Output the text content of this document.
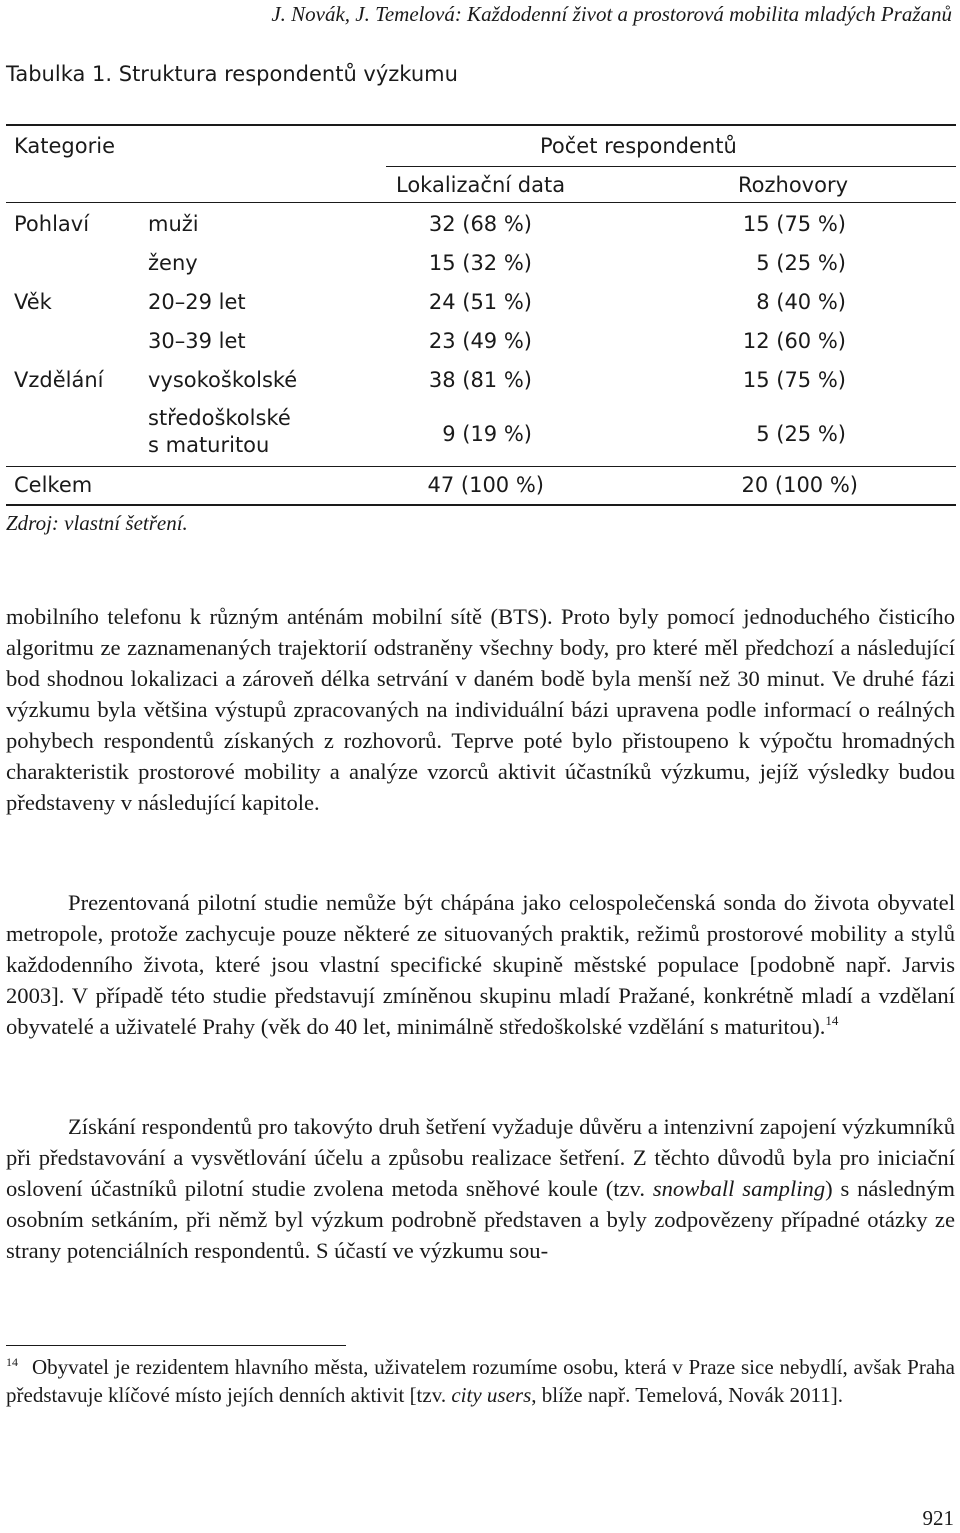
J. Novák, J. Temelová: Každodenní život a prostorová mobilita mladých Pražanů
Tabulka 1. Struktura respondentů výzkumu
Kategorie	Počet respondentů
Lokalizační data	Rozhovory
Pohlaví	muži	32 (68 %)	15 (75 %)
ženy	15 (32 %)	5 (25 %)
Věk	20–29 let	24 (51 %)	8 (40 %)
30–39 let	23 (49 %)	12 (60 %)
Vzdělání vysokoškolské	38 (81 %)	15 (75 %)
středoškolské
s maturitou	9 (19 %)	5 (25 %)
Celkem	47 (100 %)	20 (100 %)
Zdroj: vlastní šetření.

mobilního telefonu k různým anténám mobilní sítě (BTS). Proto byly pomocí jednoduchého čisticího algoritmu ze zaznamenaných trajektorií odstraněny všechny body, pro které měl předchozí a následující bod shodnou lokalizaci a zároveň délka setrvání v daném bodě byla menší než 30 minut. Ve druhé fázi výzkumu byla většina výstupů zpracovaných na individuální bázi upravena podle informací o reálných pohybech respondentů získaných z rozhovorů. Teprve poté bylo přistoupeno k výpočtu hromadných charakteristik prostorové mobility a analýze vzorců aktivit účastníků výzkumu, jejíž výsledky budou představeny v následující kapitole.

Prezentovaná pilotní studie nemůže být chápána jako celospolečenská sonda do života obyvatel metropole, protože zachycuje pouze některé ze situovaných praktik, režimů prostorové mobility a stylů každodenního života, které jsou vlastní specifické skupině městské populace [podobně např. Jarvis 2003]. V případě této studie představují zmíněnou skupinu mladí Pražané, konkrétně mladí a vzdělaní obyvatelé a uživatelé Prahy (věk do 40 let, minimálně středoškolské vzdělání s maturitou).$^{14}$

Získání respondentů pro takovýto druh šetření vyžaduje důvěru a intenzivní zapojení výzkumníků při představování a vysvětlování účelu a způsobu realizace šetření. Z těchto důvodů byla pro iniciační oslovení účastníků pilotní studie zvolena metoda sněhové koule (tzv. snowball sampling) s následným osobním setkáním, při němž byl výzkum podrobně představen a byly zodpovězeny případné otázky ze strany potenciálních respondentů. S účastí ve výzkumu sou-

$^{14}$ Obyvatel je rezidentem hlavního města, uživatelem rozumíme osobu, která v Praze sice nebydlí, avšak Praha představuje klíčové místo jejích denních aktivit [tzv. city users, blíže např. Temelová, Novák 2011].
921
